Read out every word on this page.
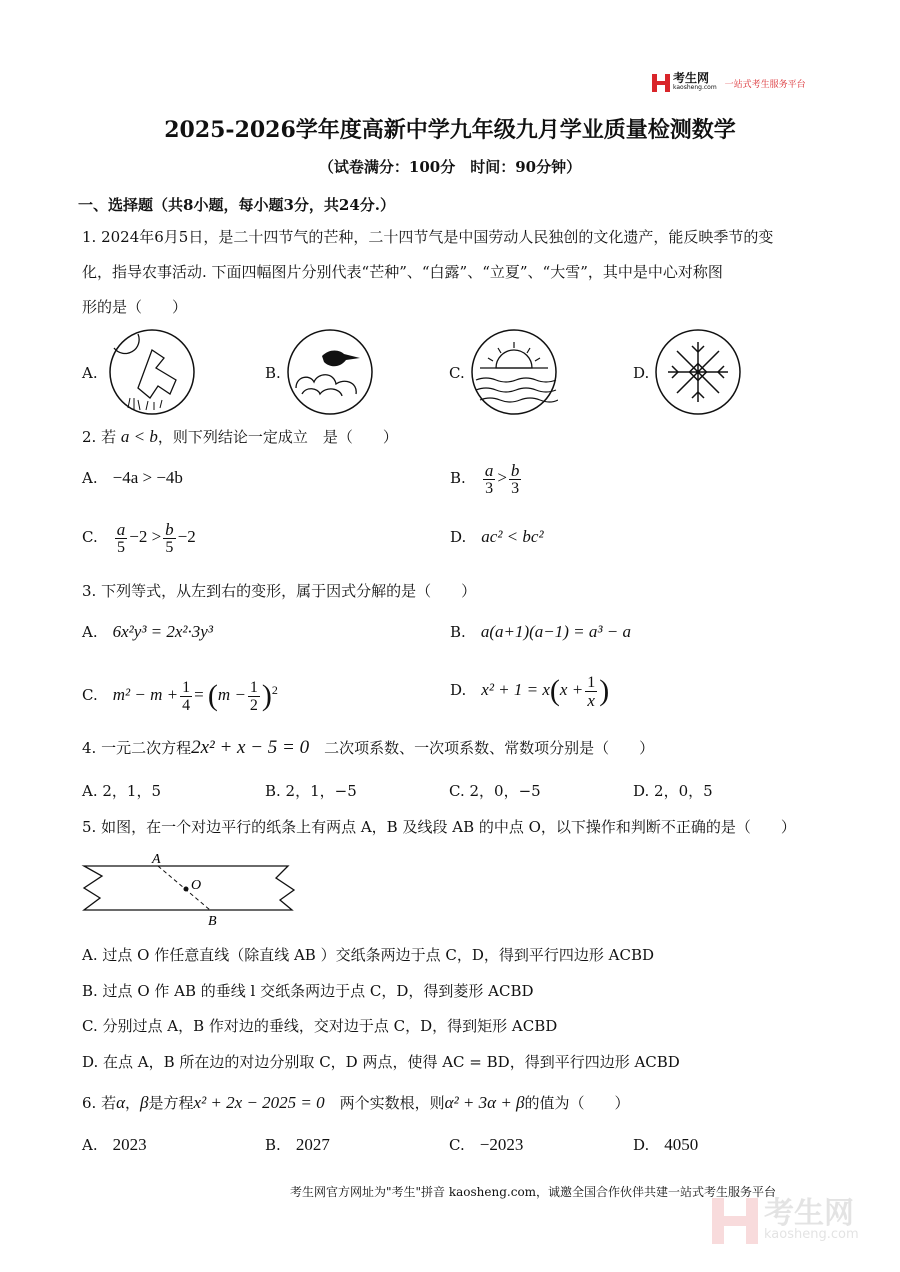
考生网
kaosheng.com 一站式考生服务平台
2025-2026学年度高新中学九年级九月学业质量检测数学
（试卷满分：100分　时间：90分钟）
一、选择题（共8小题，每小题3分，共24分.）
1. 2024年6月5日，是二十四节气的芒种，二十四节气是中国劳动人民独创的文化遗产，能反映季节的变
化，指导农事活动. 下面四幅图片分别代表“芒种”、“白露”、“立夏”、“大雪”，其中是中心对称图
形的是（　　）
A.	B.	C.	D.
2. 若 a < b，则下列结论一定成立　是（　　）
A.　 −4a > −4b	B.　 $\frac{a}{3} > \frac{b}{3}$
C.　 $\frac{a}{5} -2 > \frac{b}{5} -2$	D.　 ac² < bc²
3. 下列等式，从左到右的变形，属于因式分解的是（　　）
A.　 6x²y³ = 2x²·3y³	B.　 a(a+1)(a−1) = a³ − a
C.　 $m^2 - m + \frac{1}{4} = (m - \frac{1}{2} )^2$	D.　 $x^2 + 1 = x(x + \frac{1}{x}$ )
4. 一元二次方程2x² + x − 5 = 0　二次项系数、一次项系数、常数项分别是（　　）
A. 2，1，5	B. 2，1，−5	C. 2，0，−5	D. 2，0，5
5. 如图，在一个对边平行的纸条上有两点 A，B 及线段 AB 的中点 O，以下操作和判断不正确的是（　　）
A
O
B
A. 过点 O 作任意直线（除直线 AB ）交纸条两边于点 C，D，得到平行四边形 ACBD
B. 过点 O 作 AB 的垂线 l 交纸条两边于点 C，D，得到菱形 ACBD
C. 分别过点 A，B 作对边的垂线，交对边于点 C，D，得到矩形 ACBD
D. 在点 A，B 所在边的对边分别取 C，D 两点，使得 AC = BD，得到平行四边形 ACBD
6. 若α，β是方程x² + 2x − 2025 = 0　两个实数根，则α² + 3α + β的值为（　　）
A.　 2023	B.　 2027	C.　 −2023	D.　 4050
考生网官方网址为"考生"拼音 kaosheng.com，诚邀全国合作伙伴共建一站式考生服务平台
考生网
kaosheng.com
